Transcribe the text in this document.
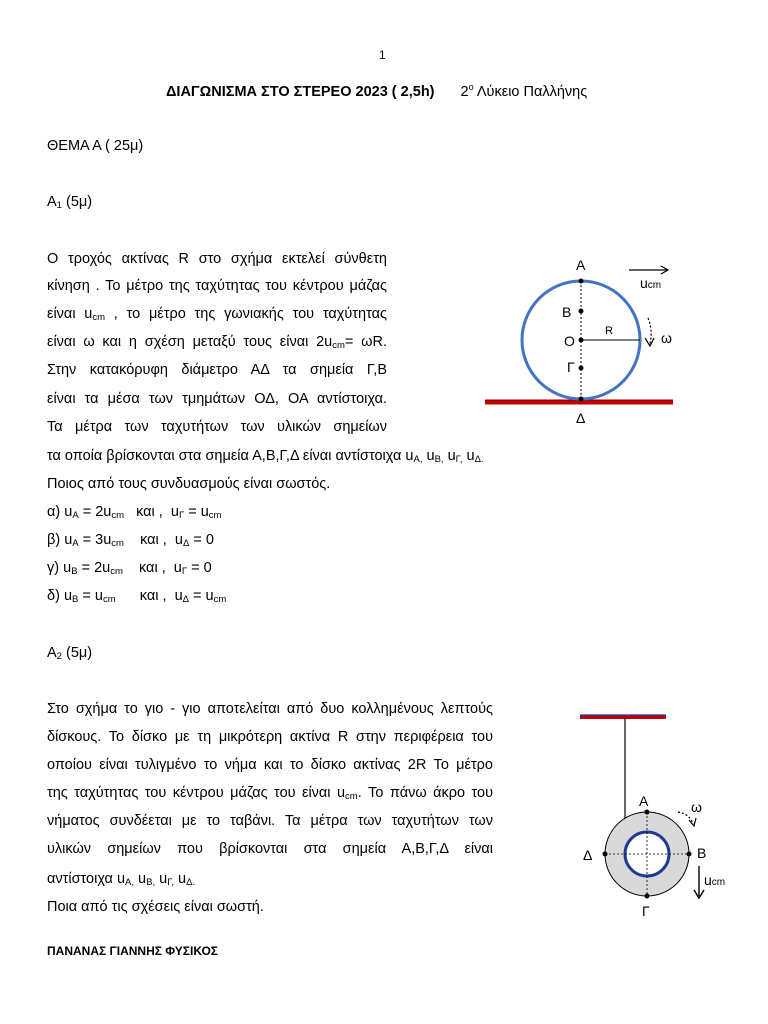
1
ΔΙΑΓΩΝΙΣΜΑ ΣΤΟ ΣΤΕΡΕΟ 2023 ( 2,5h) $2^o$ Λύκειο Παλλήνης
ΘΕΜΑ Α ( 25μ)
Α1 (5μ)
Ο τροχός ακτίνας R στο σχήμα εκτελεί σύνθετη
κίνηση . Το μέτρο της ταχύτητας του κέντρου μάζας
είναι ucm , το μέτρο της γωνιακής του ταχύτητας
είναι ω και η σχέση μεταξύ τους είναι 2ucm= ωR.
Στην κατακόρυφη διάμετρο ΑΔ τα σημεία Γ,Β
είναι τα μέσα των τμημάτων ΟΔ, ΟΑ αντίστοιχα.
Τα μέτρα των ταχυτήτων των υλικών σημείων
τα οποία βρίσκονται στα σημεία Α,Β,Γ,Δ είναι αντίστοιχα uΑ, uΒ, uΓ, uΔ.
Ποιος από τους συνδυασμούς είναι σωστός.
α) uΑ = 2ucm   και ,  uΓ = ucm
β) uΑ = 3ucm    και ,  uΔ = 0
γ) uΒ = 2ucm    και ,  uΓ = 0
δ) uΒ = ucm      και ,  uΔ = ucm
Α2 (5μ)
Στο σχήμα το γιο - γιο αποτελείται από δυο κολλημένους λεπτούς
δίσκους. Το δίσκο με τη μικρότερη ακτίνα R στην περιφέρεια του
οποίου είναι τυλιγμένο το νήμα και το δίσκο ακτίνας 2R Το μέτρο
της ταχύτητας του κέντρου μάζας του είναι ucm. Το πάνω άκρο του
νήματος συνδέεται με το ταβάνι. Τα μέτρα των ταχυτήτων των
υλικών σημείων που βρίσκονται στα σημεία Α,Β,Γ,Δ είναι
αντίστοιχα uΑ, uΒ, uΓ, uΔ.
Ποια από τις σχέσεις είναι σωστή.
ΠΑΝΑΝΑΣ ΓΙΑΝΝΗΣ ΦΥΣΙΚΟΣ
Α
Β
Ο
Γ
Δ
R	ω
ucm
Α
Β
Γ
Δ
ω
ucm
